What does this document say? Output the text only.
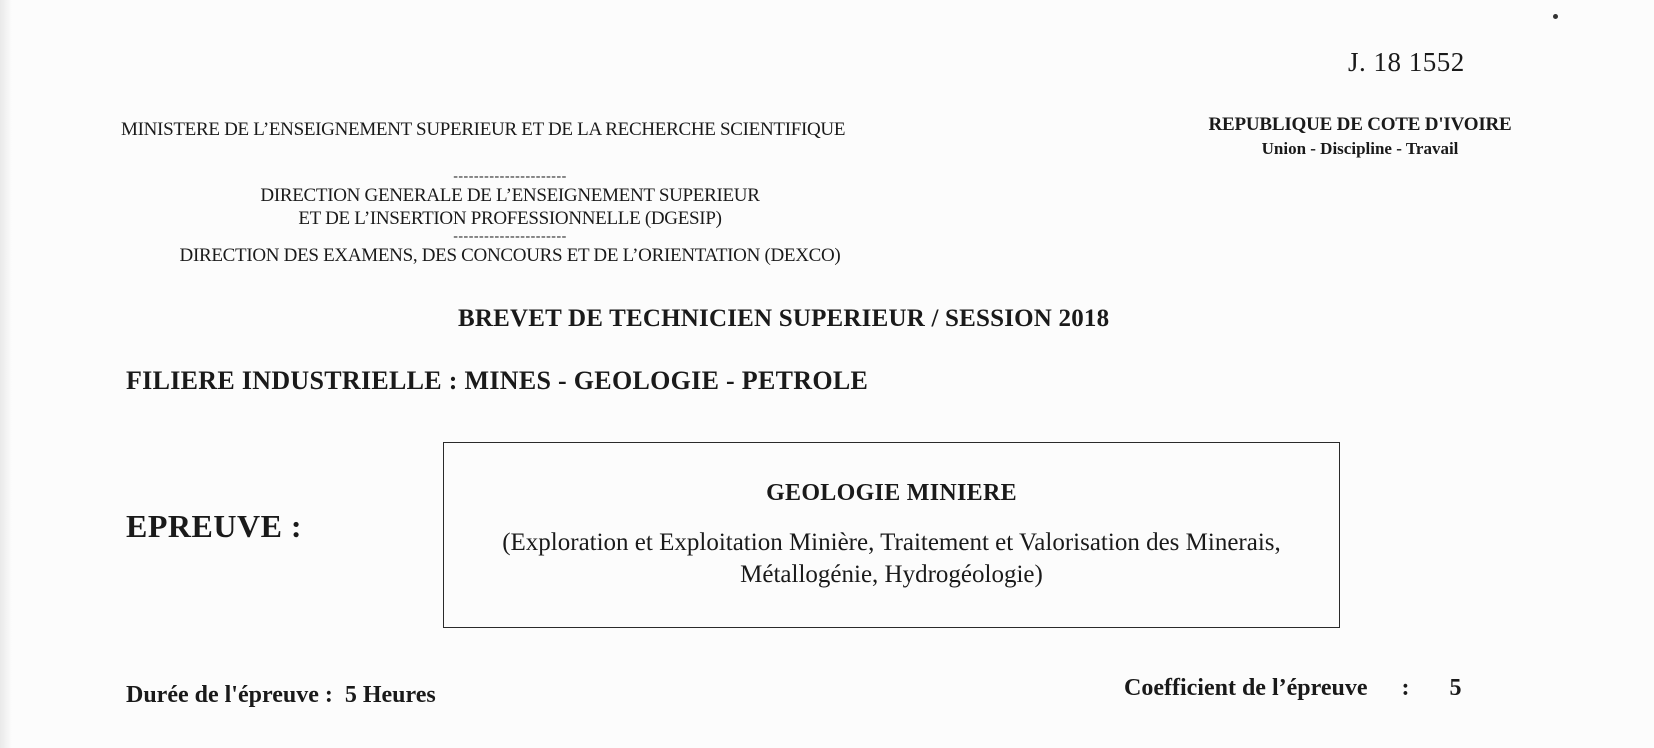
J. 18 1552
MINISTERE DE L’ENSEIGNEMENT SUPERIEUR ET DE LA RECHERCHE SCIENTIFIQUE	REPUBLIQUE DE COTE D'IVOIRE
Union - Discipline - Travail
----------------------
DIRECTION GENERALE DE L’ENSEIGNEMENT SUPERIEUR
ET DE L’INSERTION PROFESSIONNELLE (DGESIP)
----------------------
DIRECTION DES EXAMENS, DES CONCOURS ET DE L’ORIENTATION (DEXCO)
BREVET DE TECHNICIEN SUPERIEUR / SESSION 2018
FILIERE INDUSTRIELLE : MINES - GEOLOGIE - PETROLE
EPREUVE :
GEOLOGIE MINIERE
(Exploration et Exploitation Minière, Traitement et Valorisation des Minerais, Métallogénie, Hydrogéologie)
Durée de l'épreuve : 5 Heures	Coefficient de l’épreuve : 5
